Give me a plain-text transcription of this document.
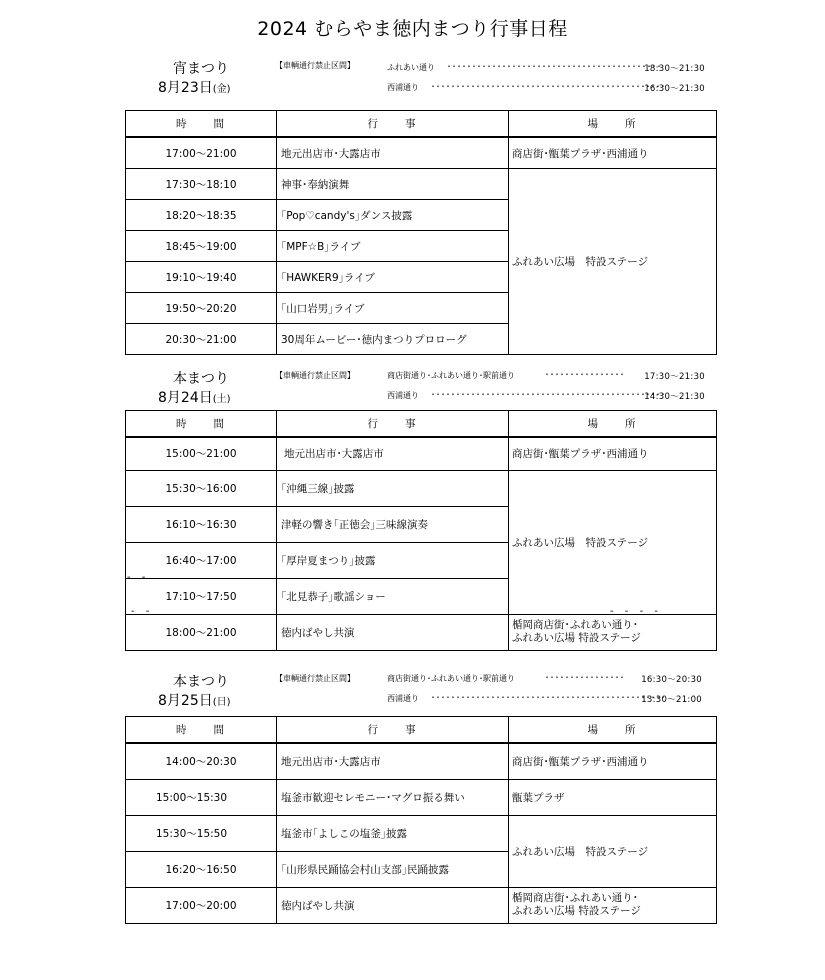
2024 むらやま徳内まつり行事日程
宵まつり
8月23日(金)
【車輌通行禁止区間】	ふれあい通り ･･･････････････････････････････････････････
18:30～21:30
西浦通り ･･･････････････････････････････････････････････
16:30～21:30
時　　間	行　　事	場　　所
17:00～21:00	地元出店市･大露店市	商店街･甑葉プラザ･西浦通り
17:30～18:10	神事･奉納演舞	ふれあい広場　特設ステージ
18:20～18:35	｢Pop♡candy's｣ダンス披露	
18:45～19:00	｢MPF☆B｣ライブ	
19:10～19:40	｢HAWKER9｣ライブ	
19:50～20:20	｢山口岩男｣ライブ	
20:30～21:00	30周年ムービー･徳内まつりプロローグ	
本まつり
8月24日(土)
【車輌通行禁止区間】	商店街通り･ふれあい通り･駅前通り	････････････････ 17:30～21:30
西浦通り ･･･････････････････････････････････････････････
14:30～21:30
時　　間	行　　事	場　　所
15:00～21:00	地元出店市･大露店市	商店街･甑葉プラザ･西浦通り
15:30～16:00	｢沖縄三線｣披露	ふれあい広場　特設ステージ
16:10～16:30	津軽の響き｢正徳会｣三味線演奏	
16:40～17:00	｢厚岸夏まつり｣披露	
17:10～17:50	｢北見恭子｣歌謡ショー	
18:00～21:00	徳内ばやし共演	楯岡商店街･ふれあい通り･
ふれあい広場 特設ステージ
本まつり
8月25日(日)
【車輌通行禁止区間】	商店街通り･ふれあい通り･駅前通り	････････････････ 16:30～20:30
西浦通り ･･･････････････････････････････････････････････
13:30～21:00
時　　間	行　　事	場　　所
14:00～20:30	地元出店市･大露店市	商店街･甑葉プラザ･西浦通り
15:00～15:30	塩釜市歓迎セレモニー･マグロ振る舞い	甑葉プラザ
15:30～15:50	塩釜市｢よしこの塩釜｣披露	ふれあい広場　特設ステージ
16:20～16:50	｢山形県民踊協会村山支部｣民踊披露	
17:00～20:00	徳内ばやし共演	楯岡商店街･ふれあい通り･
ふれあい広場 特設ステージ
- -
- -	- - - -
